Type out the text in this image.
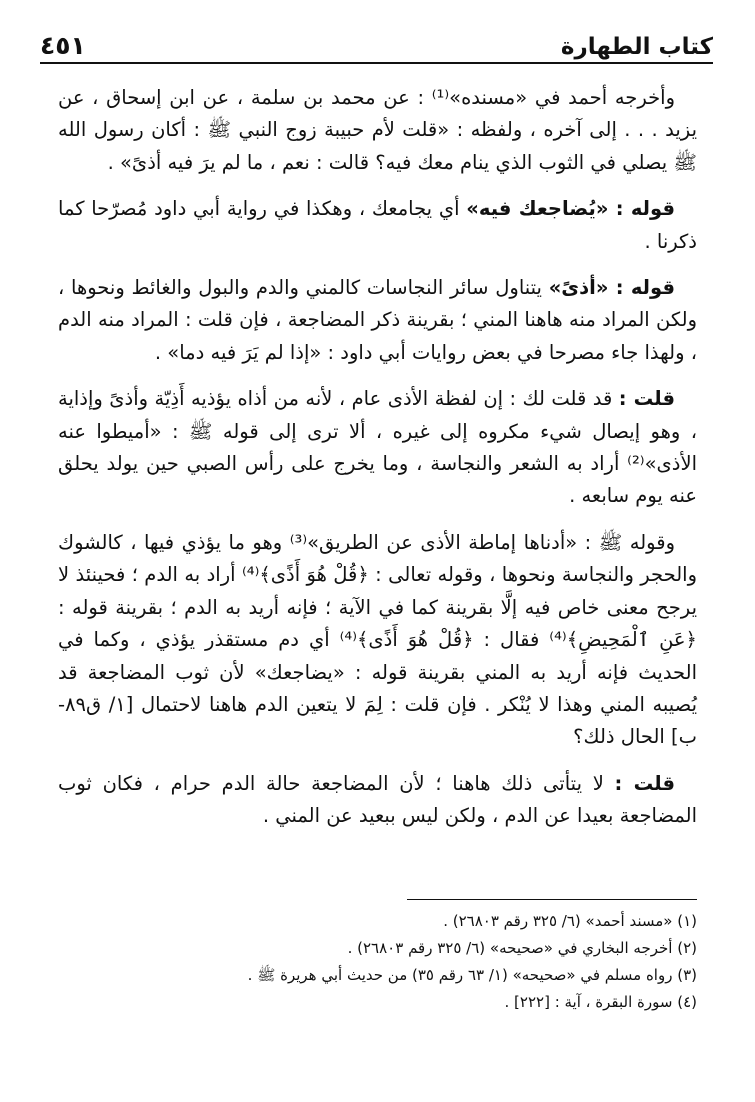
كتاب الطهارة
٤٥١

وأخرجه أحمد في «مسنده»⁽¹⁾ : عن محمد بن سلمة ، عن ابن إسحاق ، عن يزيد . . . إلى آخره ، ولفظه : «قلت لأم حبيبة زوج النبي ﷺ : أكان رسول الله ﷺ يصلي في الثوب الذي ينام معك فيه؟ قالت : نعم ، ما لم يرَ فيه أذىً» .

قوله : «يُضاجعك فيه» أي يجامعك ، وهكذا في رواية أبي داود مُصرّحا كما ذكرنا .

قوله : «أذىً» يتناول سائر النجاسات كالمني والدم والبول والغائط ونحوها ، ولكن المراد منه هاهنا المني ؛ بقرينة ذكر المضاجعة ، فإن قلت : المراد منه الدم ، ولهذا جاء مصرحا في بعض روايات أبي داود : «إذا لم يَرَ فيه دما» .

قلت : قد قلت لك : إن لفظة الأذى عام ، لأنه من أذاه يؤذيه أَذِيّة وأذىً وإذاية ، وهو إيصال شيء مكروه إلى غيره ، ألا ترى إلى قوله ﷺ : «أميطوا عنه الأذى»⁽²⁾ أراد به الشعر والنجاسة ، وما يخرج على رأس الصبي حين يولد يحلق عنه يوم سابعه .

وقوله ﷺ : «أدناها إماطة الأذى عن الطريق»⁽³⁾ وهو ما يؤذي فيها ، كالشوك والحجر والنجاسة ونحوها ، وقوله تعالى : ﴿قُلْ هُوَ أَذًى﴾⁽⁴⁾ أراد به الدم ؛ فحينئذ لا يرجح معنى خاص فيه إلَّا بقرينة كما في الآية ؛ فإنه أريد به الدم ؛ بقرينة قوله : ﴿عَنِ ٱلْمَحِيضِ﴾⁽⁴⁾ فقال : ﴿قُلْ هُوَ أَذًى﴾⁽⁴⁾ أي دم مستقذر يؤذي ، وكما في الحديث فإنه أريد به المني بقرينة قوله : «يضاجعك» لأن ثوب المضاجعة قد يُصيبه المني وهذا لا يُنْكر . فإن قلت : لِمَ لا يتعين الدم هاهنا لاحتمال [١/ ق٨٩-ب] الحال ذلك؟

قلت : لا يتأتى ذلك هاهنا ؛ لأن المضاجعة حالة الدم حرام ، فكان ثوب المضاجعة بعيدا عن الدم ، ولكن ليس ببعيد عن المني .

(١) «مسند أحمد» (٦/ ٣٢٥ رقم ٢٦٨٠٣) .

(٢) أخرجه البخاري في «صحيحه» (٦/ ٣٢٥ رقم ٢٦٨٠٣) .

(٣) رواه مسلم في «صحيحه» (١/ ٦٣ رقم ٣٥) من حديث أبي هريرة ﷺ .

(٤) سورة البقرة ، آية : [٢٢٢] .
